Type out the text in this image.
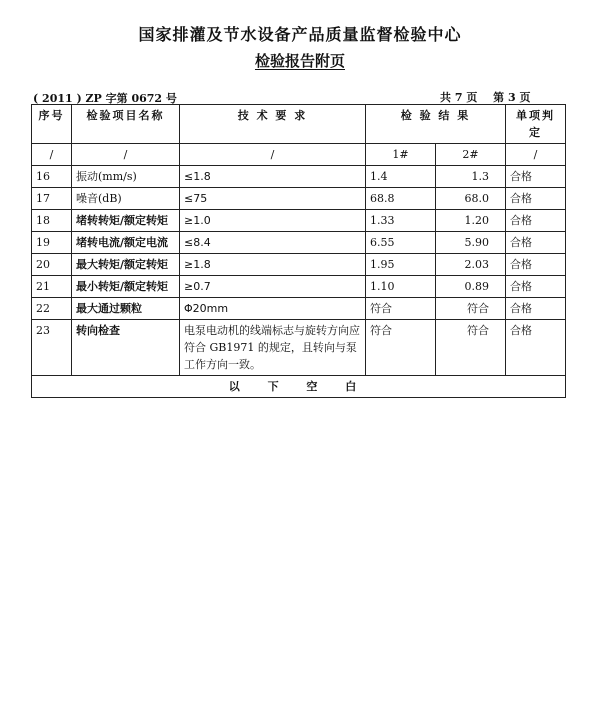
国家排灌及节水设备产品质量监督检验中心
检验报告附页
( 2011 ) ZP 字第 0672 号	共 7 页 第 3 页
序号	检验项目名称	技 术 要 求	检 验 结 果		单项判定
/	/	/	1#	2#	/
16	振动(mm/s)	≤1.8	1.4	1.3	合格
17	噪音(dB)	≤75	68.8	68.0	合格
18	堵转转矩/额定转矩	≥1.0	1.33	1.20	合格
19	堵转电流/额定电流	≤8.4	6.55	5.90	合格
20	最大转矩/额定转矩	≥1.8	1.95	2.03	合格
21	最小转矩/额定转矩	≥0.7	1.10	0.89	合格
22	最大通过颗粒	Φ20mm	符合	符合	合格
23	转向检查	电泵电动机的线端标志与旋转方向应符合 GB1971 的规定，且转向与泵工作方向一致。	符合	符合	合格
以 下 空 白					
